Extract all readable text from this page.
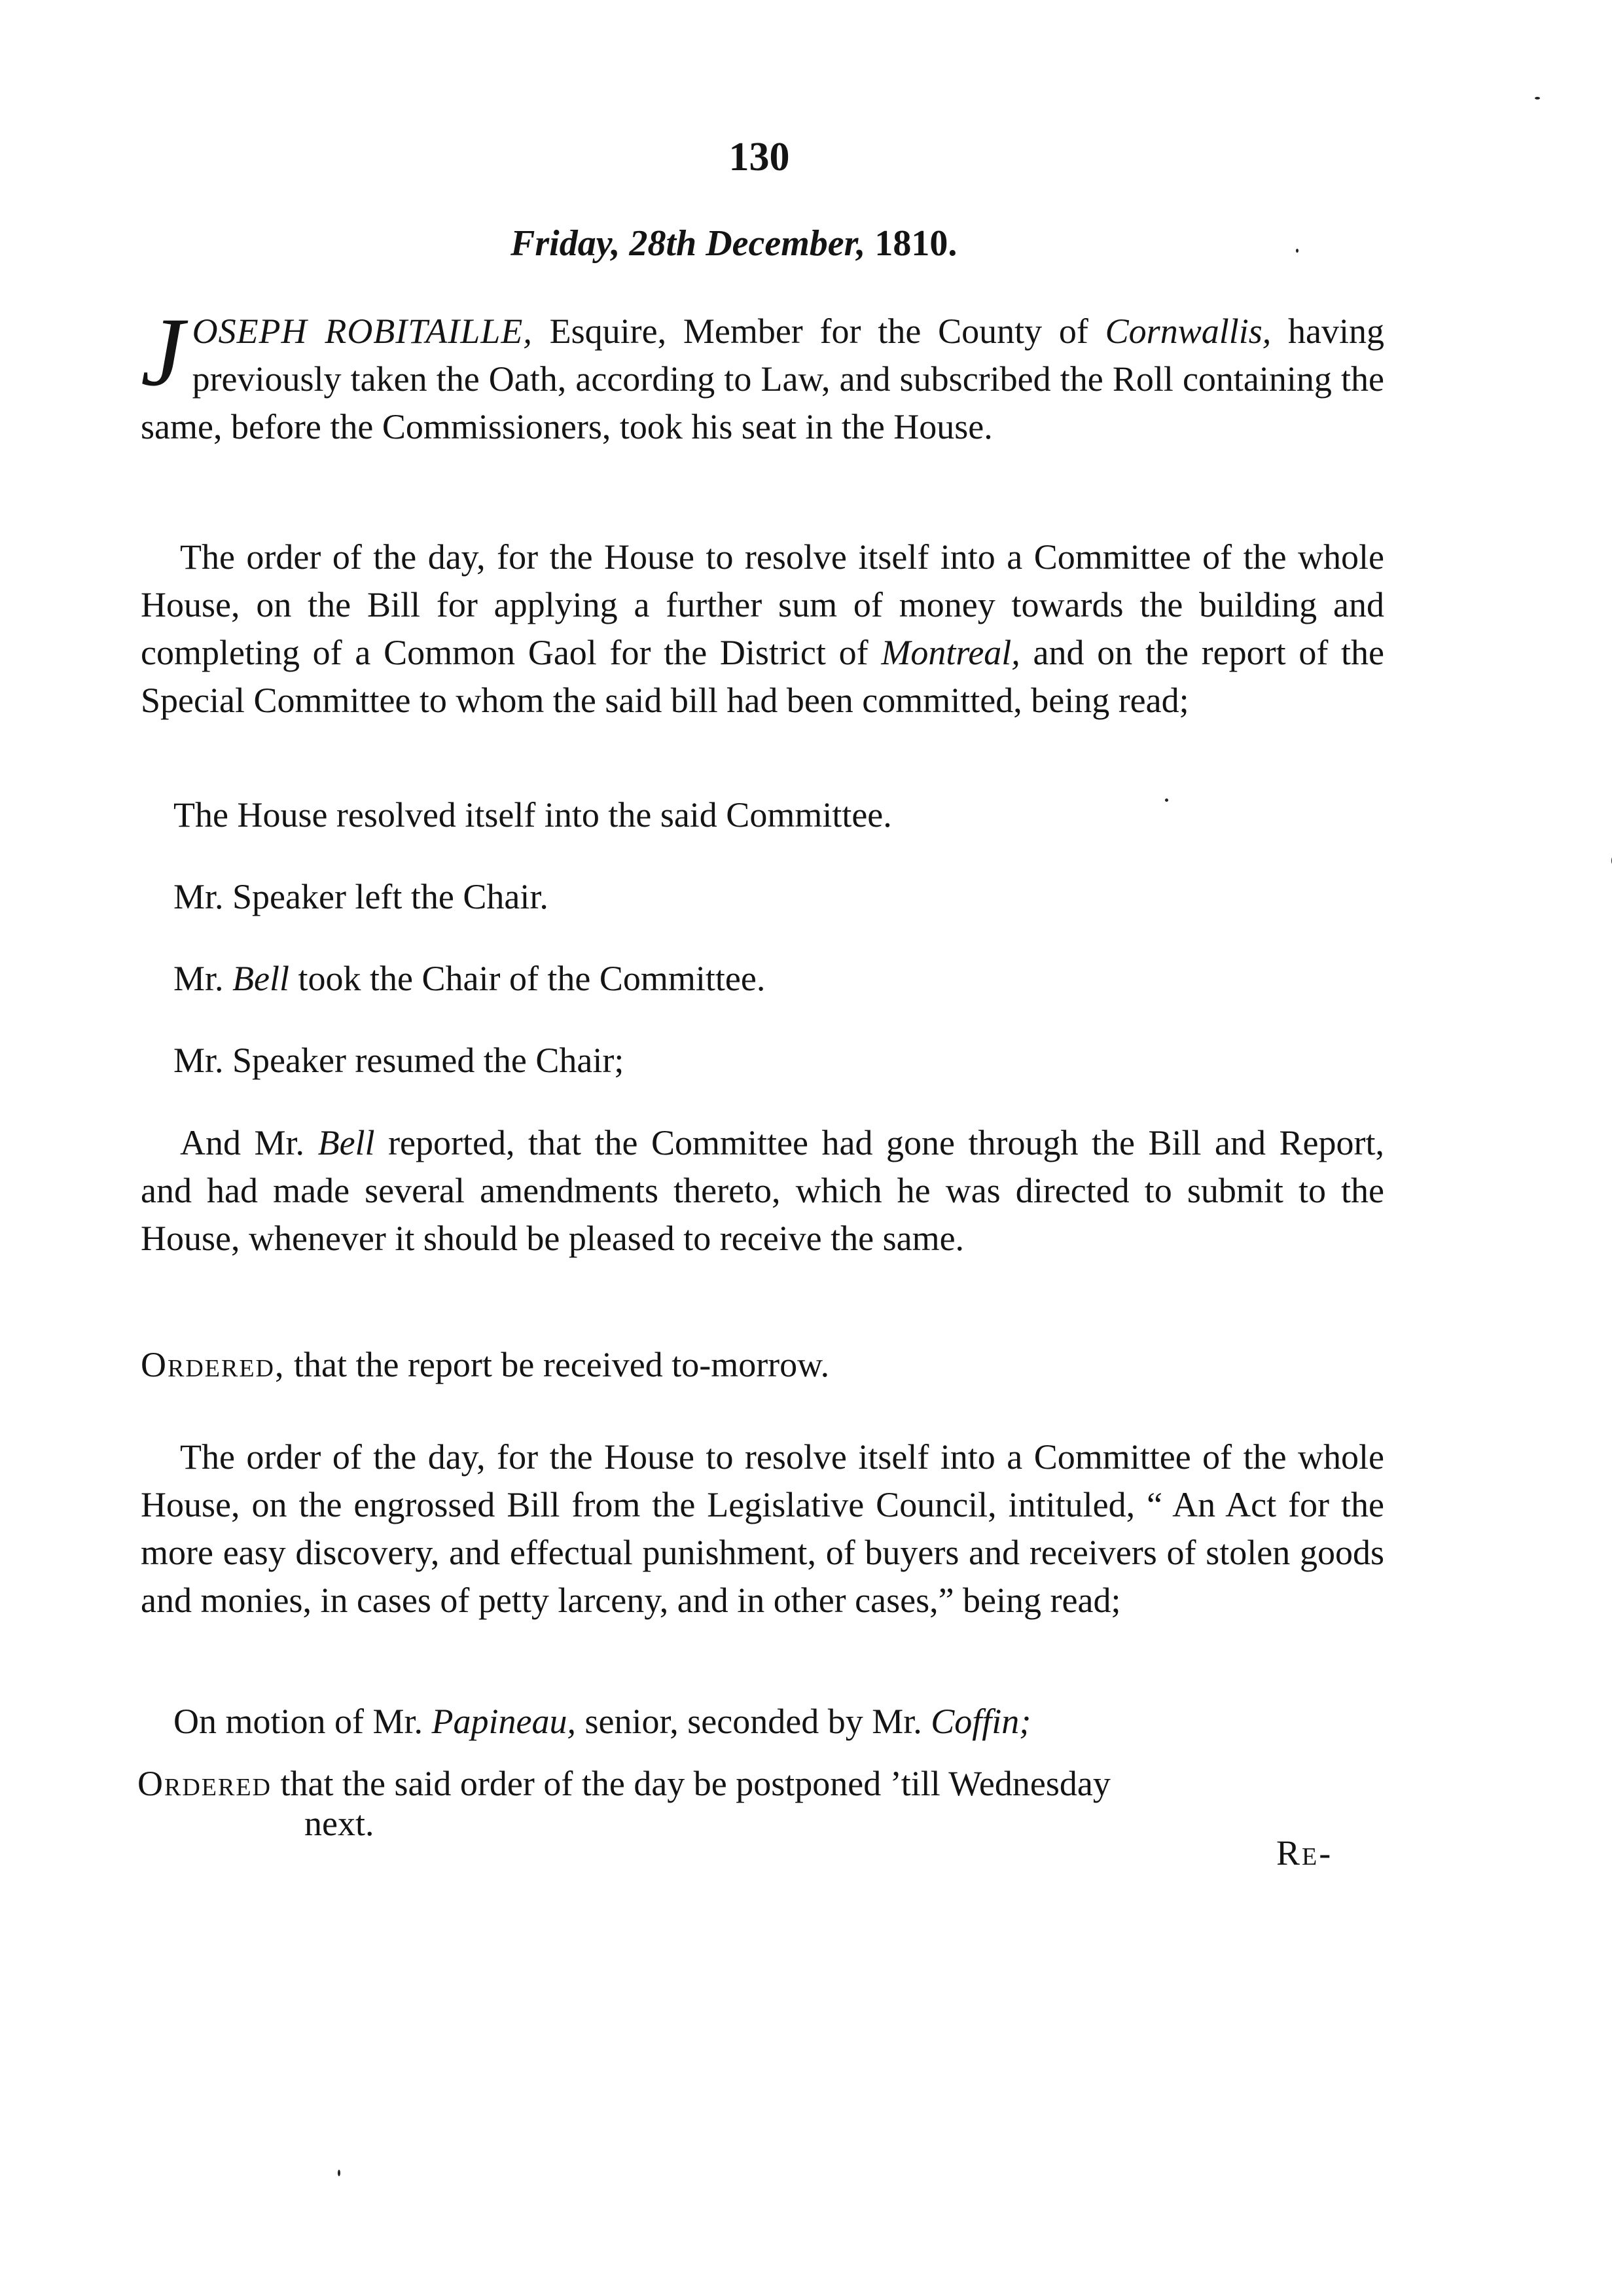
130
Friday, 28th December, 1810.
JOSEPH ROBITAILLE, Esquire, Member for the County of Cornwallis, having previously taken the Oath, according to Law, and subscribed the Roll containing the same, before the Commissioners, took his seat in the House.
The order of the day, for the House to resolve itself into a Committee of the whole House, on the Bill for applying a further sum of money towards the building and completing of a Common Gaol for the District of Montreal, and on the report of the Special Committee to whom the said bill had been committed, being read;
The House resolved itself into the said Committee.
Mr. Speaker left the Chair.
Mr. Bell took the Chair of the Committee.
Mr. Speaker resumed the Chair;
And Mr. Bell reported, that the Committee had gone through the Bill and Report, and had made several amendments thereto, which he was directed to submit to the House, whenever it should be pleased to receive the same.
Ordered, that the report be received to-morrow.
The order of the day, for the House to resolve itself into a Committee of the whole House, on the engrossed Bill from the Legislative Council, intituled, “ An Act for the more easy discovery, and effectual punishment, of buyers and receivers of stolen goods and monies, in cases of petty larceny, and in other cases,” being read;
On motion of Mr. Papineau, senior, seconded by Mr. Coffin;
Ordered that the said order of the day be postponed ’till Wednesday
next.
Re-
